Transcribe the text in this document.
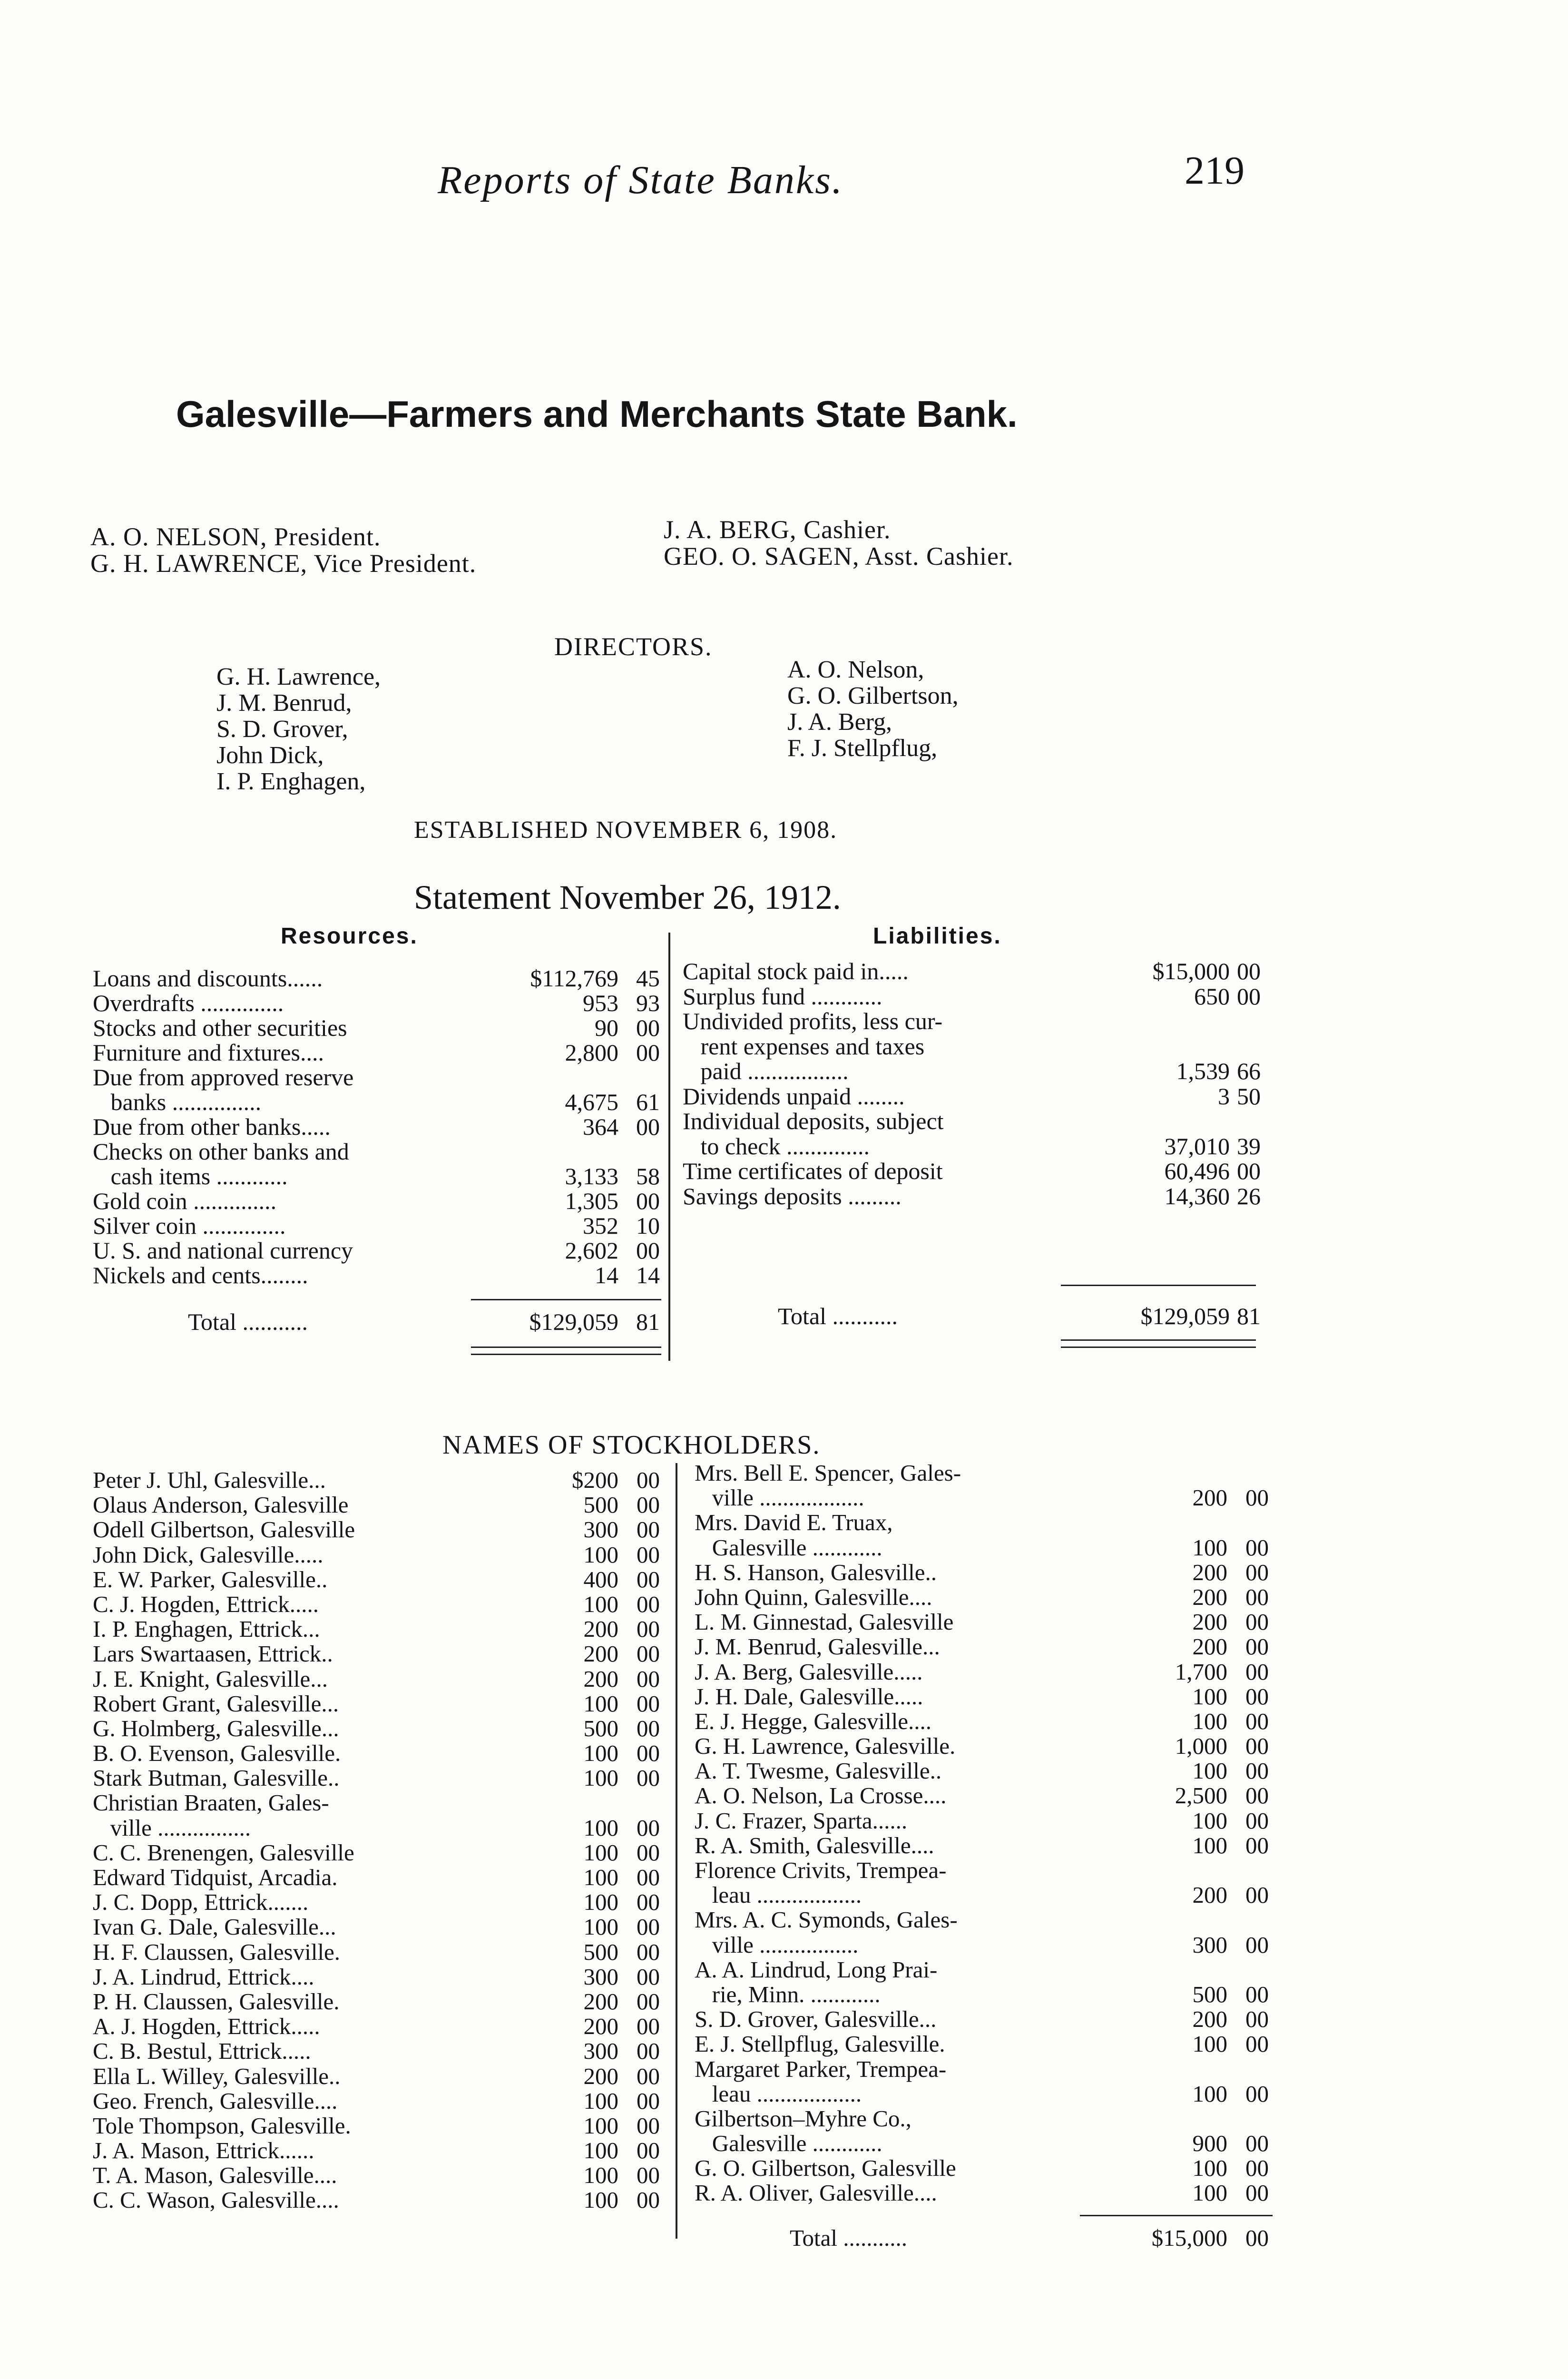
Reports of State Banks.	219
Galesville—Farmers and Merchants State Bank.
A. O. NELSON, President.
G. H. LAWRENCE, Vice President.
J. A. BERG, Cashier.
GEO. O. SAGEN, Asst. Cashier.
DIRECTORS.
G. H. Lawrence,
J. M. Benrud,
S. D. Grover,
John Dick,
I. P. Enghagen,
A. O. Nelson,
G. O. Gilbertson,
J. A. Berg,
F. J. Stellpflug,
ESTABLISHED NOVEMBER 6, 1908.
Statement November 26, 1912.
Resources.	Liabilities.
Loans and discounts......	$112,769 45
Overdrafts ..............	953 93
Stocks and other securities	90 00
Furniture and fixtures....	2,800 00
Due from approved reserve
banks ...............	4,675 61
Due from other banks.....	364 00
Checks on other banks and
cash items ............	3,133 58
Gold coin ..............	1,305 00
Silver coin ..............	352 10
U. S. and national currency	2,602 00
Nickels and cents........	14 14
Capital stock paid in.....	$15,000 00
Surplus fund ............	650 00
Undivided profits, less cur-
rent expenses and taxes
paid .................	1,539 66
Dividends unpaid ........	3 50
Individual deposits, subject
to check ..............	37,010 39
Time certificates of deposit	60,496 00
Savings deposits .........	14,360 26
Total ...........	$129,059 81	Total ...........	$129,059 81
NAMES OF STOCKHOLDERS.
Peter J. Uhl, Galesville...	$200 00
Olaus Anderson, Galesville	500 00
Odell Gilbertson, Galesville	300 00
John Dick, Galesville.....	100 00
E. W. Parker, Galesville..	400 00
C. J. Hogden, Ettrick.....	100 00
I. P. Enghagen, Ettrick...	200 00
Lars Swartaasen, Ettrick..	200 00
J. E. Knight, Galesville...	200 00
Robert Grant, Galesville...	100 00
G. Holmberg, Galesville...	500 00
B. O. Evenson, Galesville.	100 00
Stark Butman, Galesville..	100 00
Christian Braaten, Gales-
ville ................	100 00
C. C. Brenengen, Galesville	100 00
Edward Tidquist, Arcadia.	100 00
J. C. Dopp, Ettrick.......	100 00
Ivan G. Dale, Galesville...	100 00
H. F. Claussen, Galesville.	500 00
J. A. Lindrud, Ettrick....	300 00
P. H. Claussen, Galesville.	200 00
A. J. Hogden, Ettrick.....	200 00
C. B. Bestul, Ettrick.....	300 00
Ella L. Willey, Galesville..	200 00
Geo. French, Galesville....	100 00
Tole Thompson, Galesville.	100 00
J. A. Mason, Ettrick......	100 00
T. A. Mason, Galesville....	100 00
C. C. Wason, Galesville....	100 00
Mrs. Bell E. Spencer, Gales-
ville ..................	200 00
Mrs. David E. Truax,
Galesville ............	100 00
H. S. Hanson, Galesville..	200 00
John Quinn, Galesville....	200 00
L. M. Ginnestad, Galesville	200 00
J. M. Benrud, Galesville...	200 00
J. A. Berg, Galesville.....	1,700 00
J. H. Dale, Galesville.....	100 00
E. J. Hegge, Galesville....	100 00
G. H. Lawrence, Galesville.	1,000 00
A. T. Twesme, Galesville..	100 00
A. O. Nelson, La Crosse....	2,500 00
J. C. Frazer, Sparta......	100 00
R. A. Smith, Galesville....	100 00
Florence Crivits, Trempea-
leau ..................	200 00
Mrs. A. C. Symonds, Gales-
ville .................	300 00
A. A. Lindrud, Long Prai-
rie, Minn. ............	500 00
S. D. Grover, Galesville...	200 00
E. J. Stellpflug, Galesville.	100 00
Margaret Parker, Trempea-
leau ..................	100 00
Gilbertson–Myhre Co.,
Galesville ............	900 00
G. O. Gilbertson, Galesville	100 00
R. A. Oliver, Galesville....	100 00
Total ...........	$15,000 00
